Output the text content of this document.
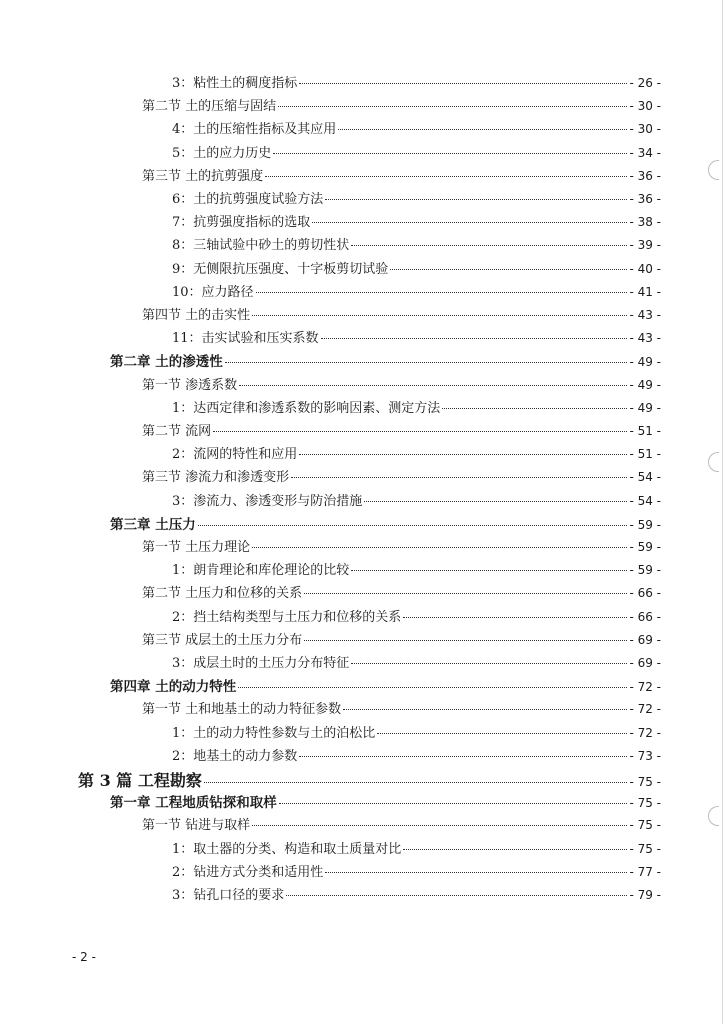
3：粘性土的稠度指标	- 26 -
第二节 土的压缩与固结	- 30 -
4：土的压缩性指标及其应用	- 30 -
5：土的应力历史	- 34 -
第三节 土的抗剪强度	- 36 -
6：土的抗剪强度试验方法	- 36 -
7：抗剪强度指标的选取	- 38 -
8：三轴试验中砂土的剪切性状	- 39 -
9：无侧限抗压强度、十字板剪切试验	- 40 -
10：应力路径	- 41 -
第四节 土的击实性	- 43 -
11：击实试验和压实系数	- 43 -
第二章 土的渗透性	- 49 -
第一节 渗透系数	- 49 -
1：达西定律和渗透系数的影响因素、测定方法	- 49 -
第二节 流网	- 51 -
2：流网的特性和应用	- 51 -
第三节 渗流力和渗透变形	- 54 -
3：渗流力、渗透变形与防治措施	- 54 -
第三章 土压力	- 59 -
第一节 土压力理论	- 59 -
1：朗肯理论和库伦理论的比较	- 59 -
第二节 土压力和位移的关系	- 66 -
2：挡土结构类型与土压力和位移的关系	- 66 -
第三节 成层土的土压力分布	- 69 -
3：成层土时的土压力分布特征	- 69 -
第四章 土的动力特性	- 72 -
第一节 土和地基土的动力特征参数	- 72 -
1：土的动力特性参数与土的泊松比	- 72 -
2：地基土的动力参数	- 73 -
第 3 篇 工程勘察	- 75 -
第一章 工程地质钻探和取样	- 75 -
第一节 钻进与取样	- 75 -
1：取土器的分类、构造和取土质量对比	- 75 -
2：钻进方式分类和适用性	- 77 -
3：钻孔口径的要求	- 79 -
- 2 -
